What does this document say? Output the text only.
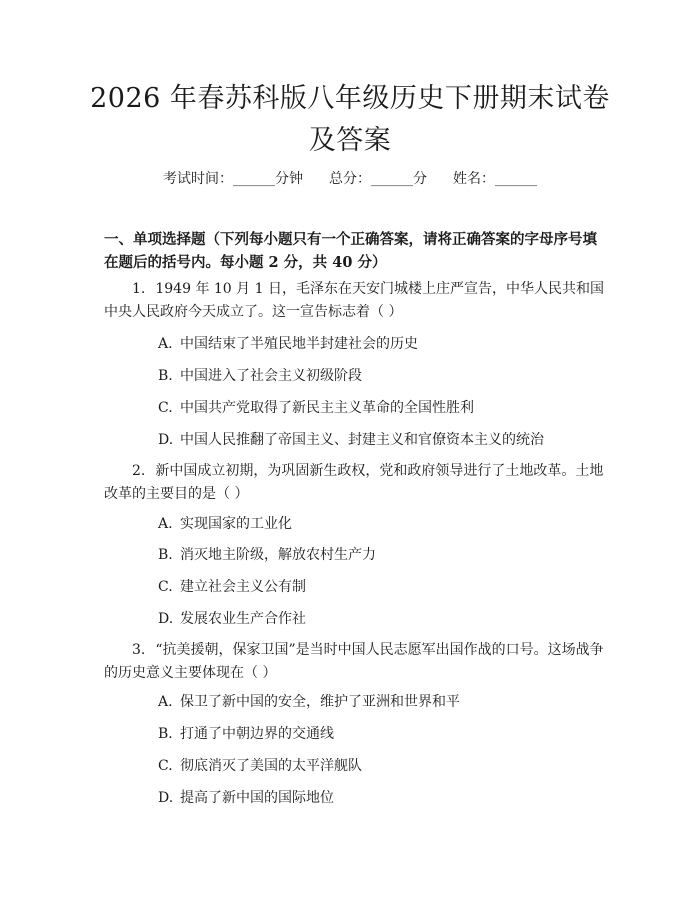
2026 年春苏科版八年级历史下册期末试卷及答案
考试时间：______分钟 总分：______分 姓名：______

一、单项选择题（下列每小题只有一个正确答案，请将正确答案的字母序号填在题后的括号内。每小题 2 分，共 40 分）

1. 1949 年 10 月 1 日，毛泽东在天安门城楼上庄严宣告，中华人民共和国中央人民政府今天成立了。这一宣告标志着（ ）

A. 中国结束了半殖民地半封建社会的历史
B. 中国进入了社会主义初级阶段
C. 中国共产党取得了新民主主义革命的全国性胜利
D. 中国人民推翻了帝国主义、封建主义和官僚资本主义的统治

2. 新中国成立初期，为巩固新生政权，党和政府领导进行了土地改革。土地改革的主要目的是（ ）

A. 实现国家的工业化
B. 消灭地主阶级，解放农村生产力
C. 建立社会主义公有制
D. 发展农业生产合作社

3. “抗美援朝，保家卫国”是当时中国人民志愿军出国作战的口号。这场战争的历史意义主要体现在（ ）

A. 保卫了新中国的安全，维护了亚洲和世界和平
B. 打通了中朝边界的交通线
C. 彻底消灭了美国的太平洋舰队
D. 提高了新中国的国际地位
